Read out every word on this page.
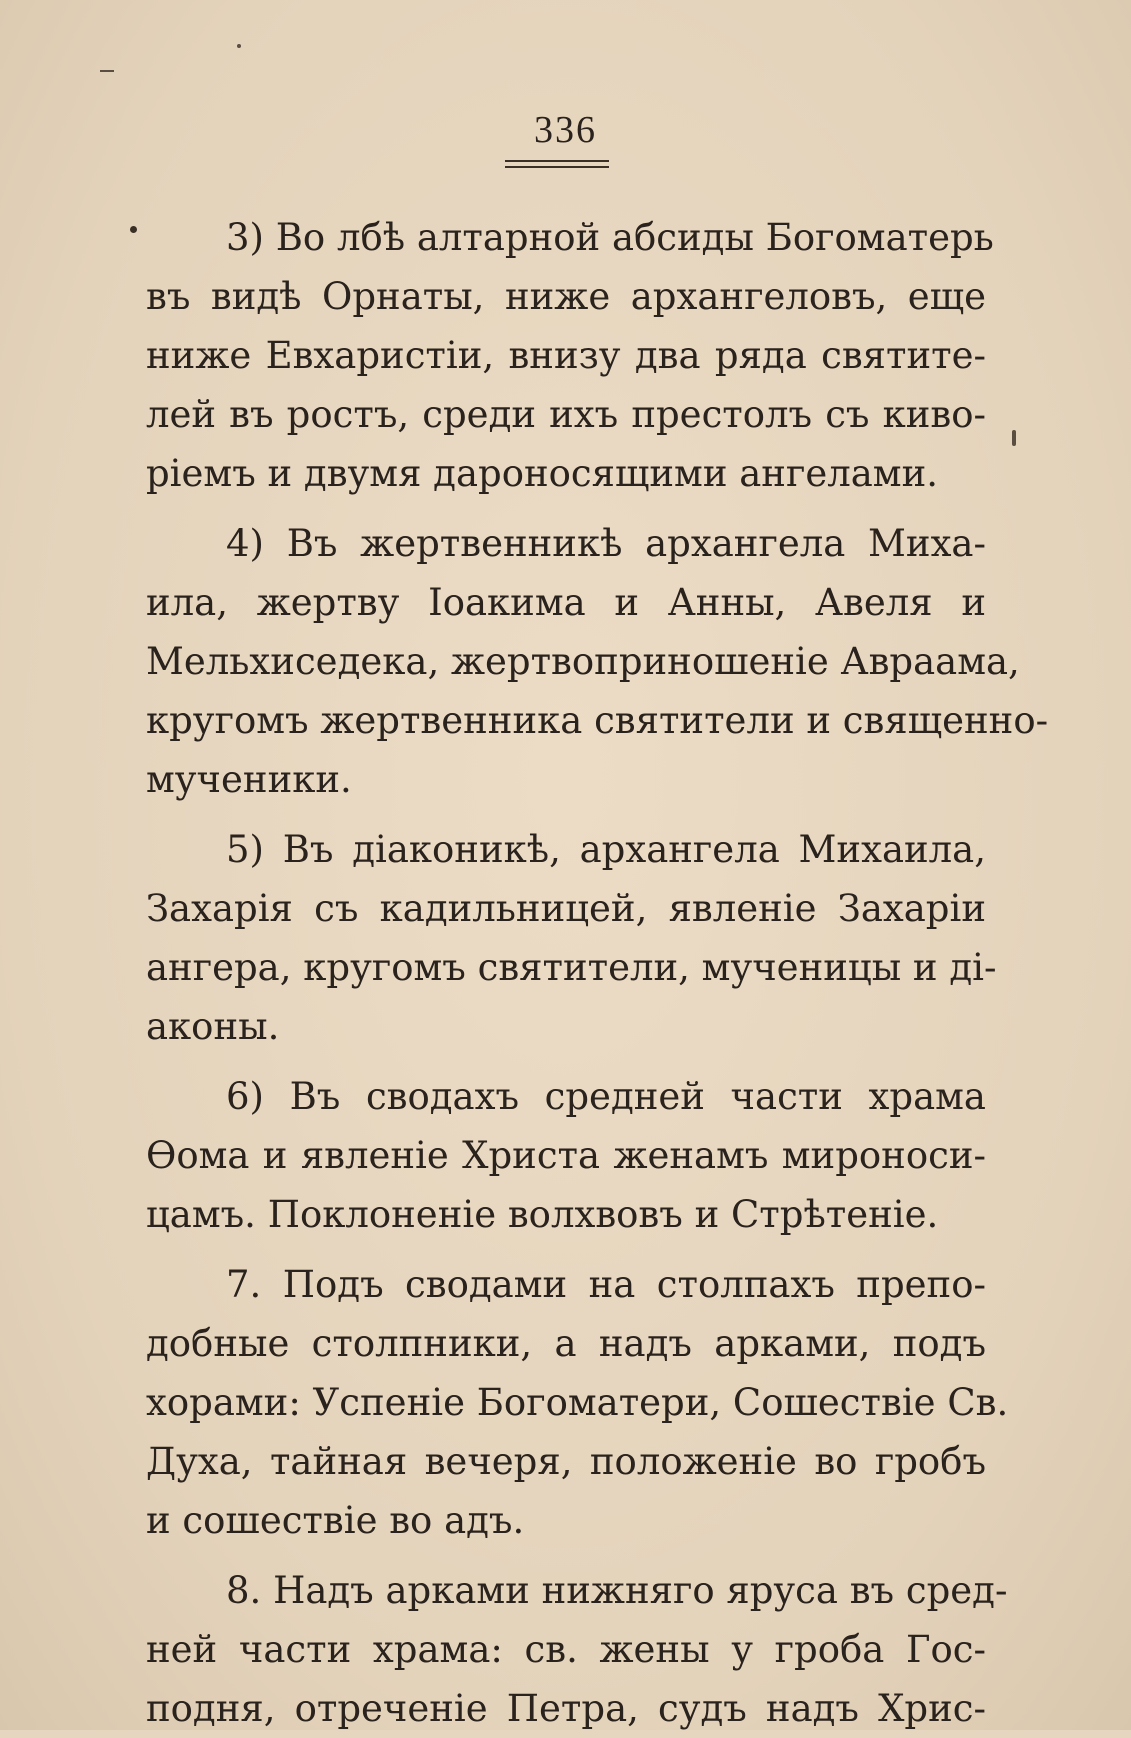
336
3) Во лбѣ алтарной абсиды Богоматерь
въ видѣ Орнаты, ниже архангеловъ, еще
ниже Евхаристіи, внизу два ряда святите-
лей въ ростъ, среди ихъ престолъ съ киво-
ріемъ и двумя дароносящими ангелами.
4) Въ жертвенникѣ архангела Миха-
ила, жертву Іоакима и Анны, Авеля и
Мельхиседека, жертвоприношеніе Авраама,
кругомъ жертвенника святители и священно-
мученики.
5) Въ діаконикѣ, архангела Михаила,
Захарія съ кадильницей, явленіе Захаріи
ангера, кругомъ святители, мученицы и ді-
аконы.
6) Въ сводахъ средней части храма
Ѳома и явленіе Христа женамъ мироноси-
цамъ. Поклоненіе волхвовъ и Стрѣтеніе.
7. Подъ сводами на столпахъ препо-
добные столпники, а надъ арками, подъ
хорами: Успеніе Богоматери, Сошествіе Св.
Духа, тайная вечеря, положеніе во гробъ
и сошествіе во адъ.
8. Надъ арками нижняго яруса въ сред-
ней части храма: св. жены у гроба Гос-
подня, отреченіе Петра, судъ надъ Хрис-
